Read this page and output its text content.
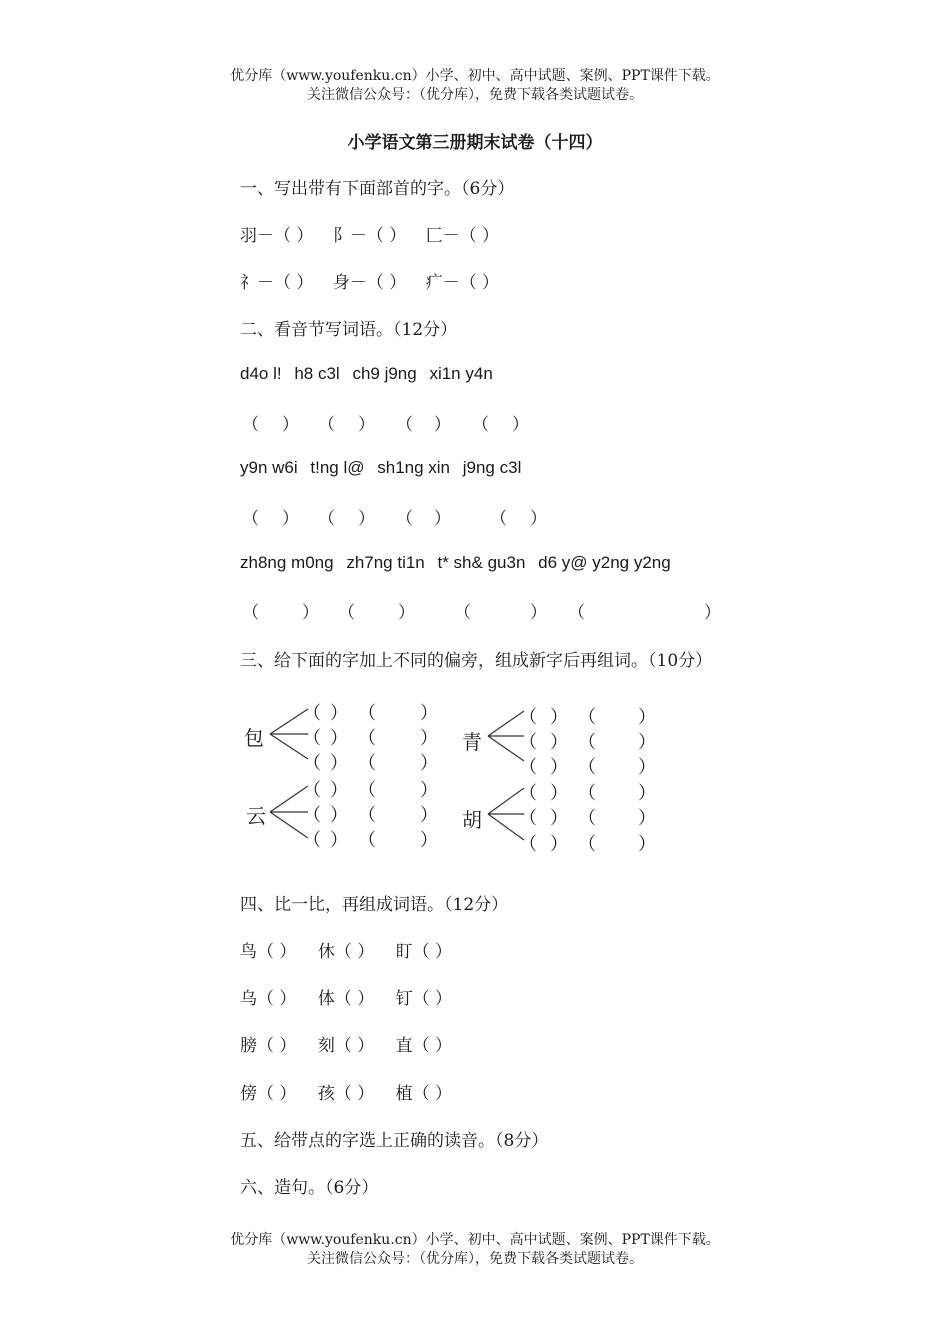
优分库（www.youfenku.cn）小学、初中、高中试题、案例、PPT课件下载。
关注微信公众号：（优分库），免费下载各类试题试卷。
小学语文第三册期末试卷（十四）
一、写出带有下面部首的字。（6分）
羽－（ ） 阝－（ ） 匚－（ ）
礻－（ ） 身－（ ） 疒－（ ）
二、看音节写词语。（12分）
d4o l! h8 c3l ch9 j9ng xi1n y4n
（ ） （ ） （ ） （ ）
y9n w6i t!ng l@ sh1ng xin j9ng c3l
（ ） （ ） （ ） （ ）
zh8ng m0ng zh7ng ti1n t* sh& gu3n d6 y@ y2ng y2ng
（	） （	） （	） （	）
三、给下面的字加上不同的偏旁，组成新字后再组词。（10分）
包
云
青
胡
（ ） （ ）
（ ） （ ）
（ ） （ ）
（ ） （ ）
（ ） （ ）
（ ） （ ）
（ ） （ ）
（ ） （ ）
（ ） （ ）
（ ） （ ）
（ ） （ ）
（ ） （ ）
四、比一比，再组成词语。（12分）
鸟（ ） 休（ ） 盯（ ）
乌（ ） 体（ ） 钉（ ）
膀（ ） 刻（ ） 直（ ）
傍（ ） 孩（ ） 植（ ）
五、给带点的字选上正确的读音。（8分）
六、造句。（6分）
优分库（www.youfenku.cn）小学、初中、高中试题、案例、PPT课件下载。
关注微信公众号：（优分库），免费下载各类试题试卷。
